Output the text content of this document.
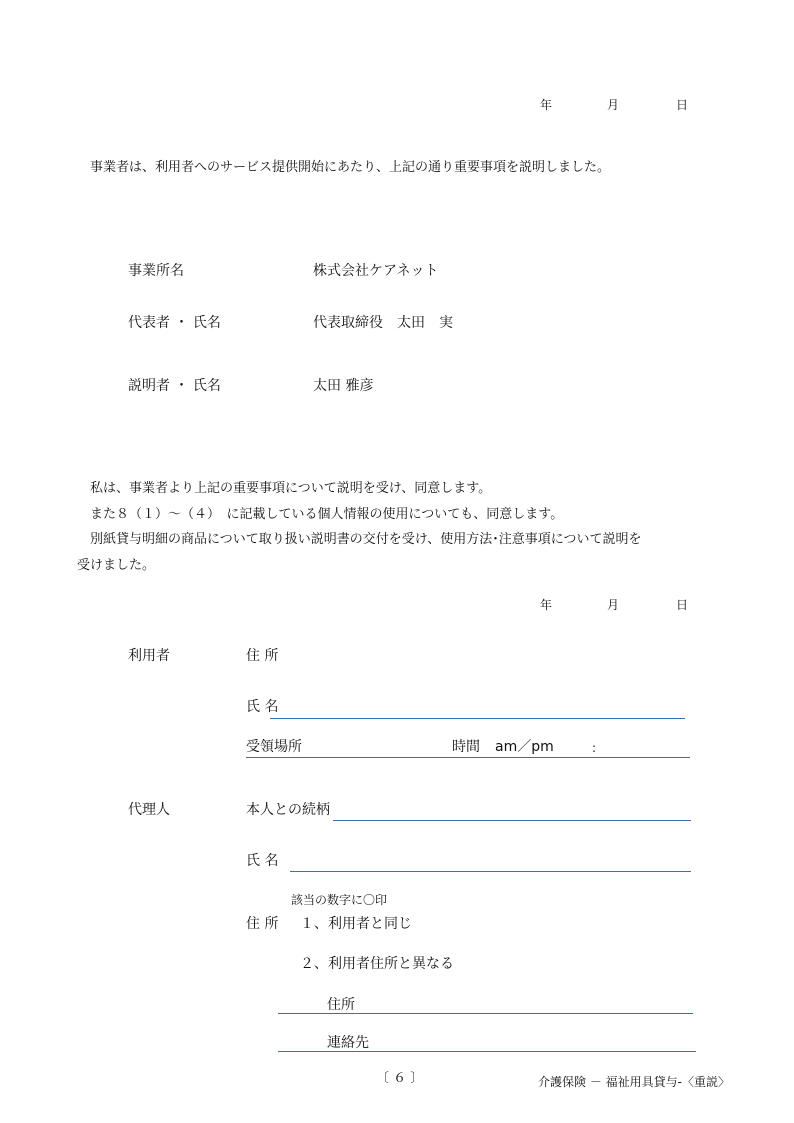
年	月	日
事業者は、利用者へのサービス提供開始にあたり、上記の通り重要事項を説明しました。
事業所名	株式会社ケアネット
代表者 ・ 氏名	代表取締役　太田　実
説明者 ・ 氏名	太田 雅彦
私は、事業者より上記の重要事項について説明を受け、同意します。
また８（１）～（４）　に記載している個人情報の使用についても、同意します。
別紙貸与明細の商品について取り扱い説明書の交付を受け、使用方法･注意事項について説明を
受けました。
年	月	日
利用者	住 所
氏 名
受領場所	時間 am／pm	:
代理人	本人との続柄
氏 名
該当の数字に〇印
住 所 １、利用者と同じ
２、利用者住所と異なる
住所
連絡先
〔 ６ 〕	介護保険 － 福祉用具貸与-〈重説〉
